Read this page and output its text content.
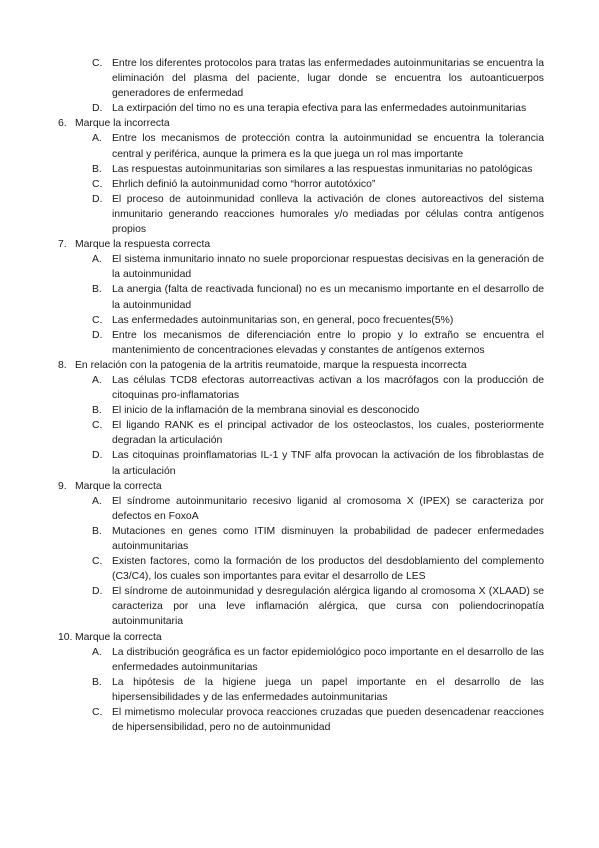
C. Entre los diferentes protocolos para tratas las enfermedades autoinmunitarias se encuentra la eliminación del plasma del paciente, lugar donde se encuentra los autoanticuerpos generadores de enfermedad
D. La extirpación del timo no es una terapia efectiva para las enfermedades autoinmunitarias
6. Marque la incorrecta
A. Entre los mecanismos de protección contra la autoinmunidad se encuentra la tolerancia central y periférica, aunque la primera es la que juega un rol mas importante
B. Las respuestas autoinmunitarias son similares a las respuestas inmunitarias no patológicas
C. Ehrlich definió la autoinmunidad como “horror autotóxico”
D. El proceso de autoinmunidad conlleva la activación de clones autoreactivos del sistema inmunitario generando reacciones humorales y/o mediadas por células contra antígenos propios
7. Marque la respuesta correcta
A. El sistema inmunitario innato no suele proporcionar respuestas decisivas en la generación de la autoinmunidad
B. La anergia (falta de reactivada funcional) no es un mecanismo importante en el desarrollo de la autoinmunidad
C. Las enfermedades autoinmunitarias son, en general, poco frecuentes(5%)
D. Entre los mecanismos de diferenciación entre lo propio y lo extraño se encuentra el mantenimiento de concentraciones elevadas y constantes de antígenos externos
8. En relación con la patogenia de la artritis reumatoide, marque la respuesta incorrecta
A. Las células TCD8 efectoras autorreactivas activan a los macrófagos con la producción de citoquinas pro-inflamatorias
B. El inicio de la inflamación de la membrana sinovial es desconocido
C. El ligando RANK es el principal activador de los osteoclastos, los cuales, posteriormente degradan la articulación
D. Las citoquinas proinflamatorias IL-1 y TNF alfa provocan la activación de los fibroblastas de la articulación
9. Marque la correcta
A. El síndrome autoinmunitario recesivo liganid al cromosoma X (IPEX) se caracteriza por defectos en FoxoA
B. Mutaciones en genes como ITIM disminuyen la probabilidad de padecer enfermedades autoinmunitarias
C. Existen factores, como la formación de los productos del desdoblamiento del complemento (C3/C4), los cuales son importantes para evitar el desarrollo de LES
D. El síndrome de autoinmunidad y desregulación alérgica ligando al cromosoma X (XLAAD) se caracteriza por una leve inflamación alérgica, que cursa con poliendocrinopatía autoinmunitaria
10. Marque la correcta
A. La distribución geográfica es un factor epidemiológico poco importante en el desarrollo de las enfermedades autoinmunitarias
B. La hipótesis de la higiene juega un papel importante en el desarrollo de las hipersensibilidades y de las enfermedades autoinmunitarias
C. El mimetismo molecular provoca reacciones cruzadas que pueden desencadenar reacciones de hipersensibilidad, pero no de autoinmunidad
